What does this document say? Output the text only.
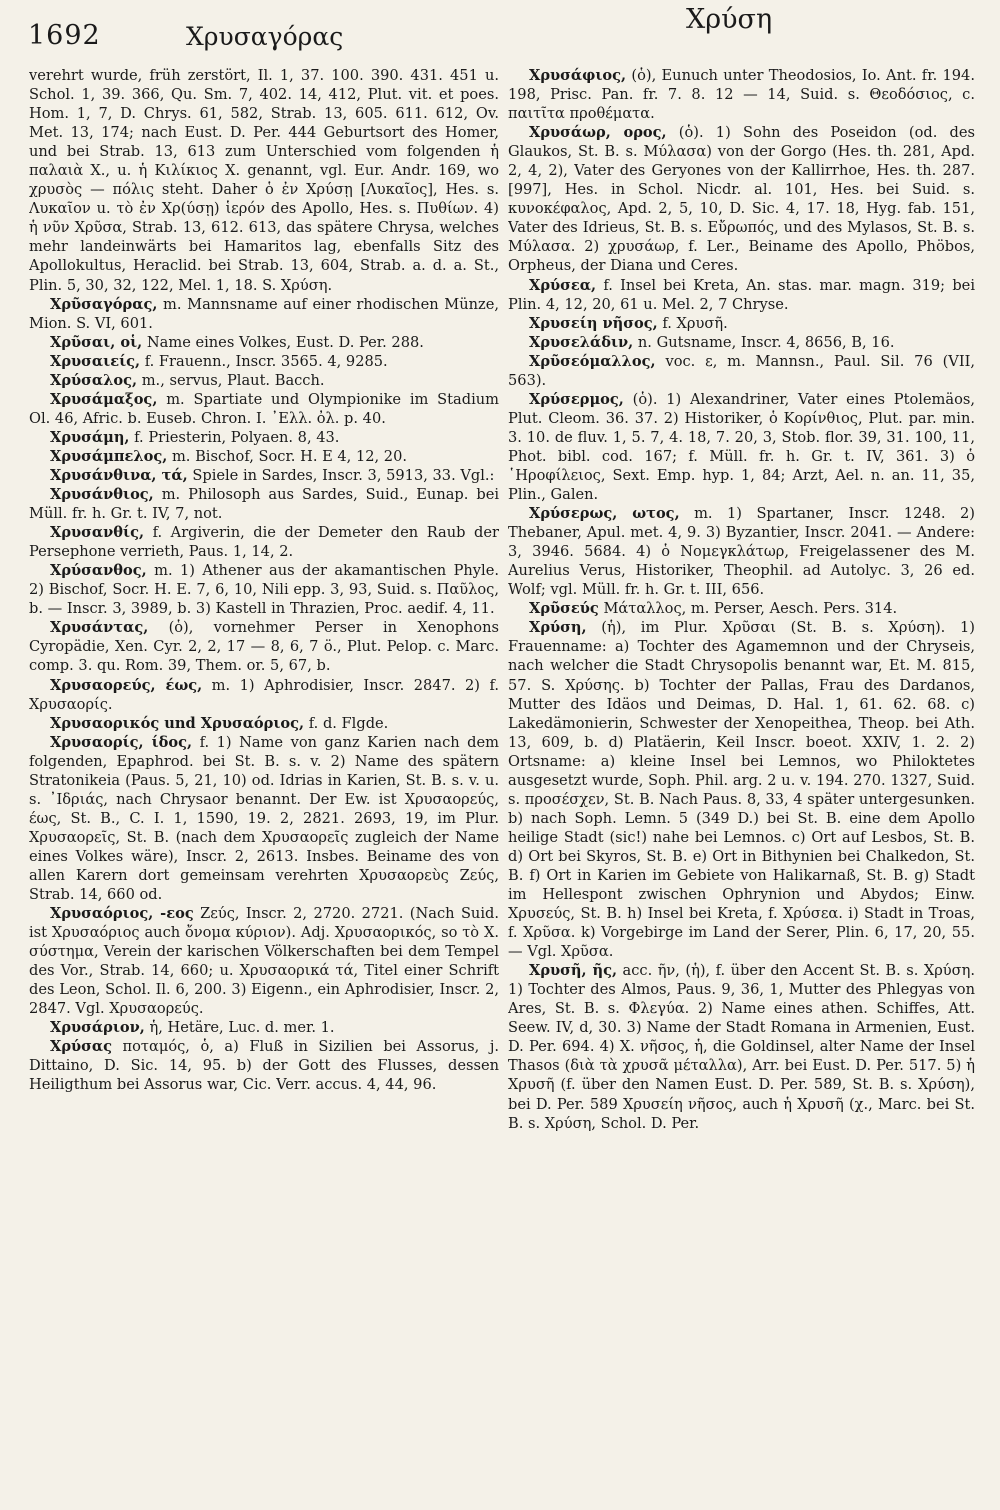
1692	Χρυσαγόρας
Χρύση

verehrt wurde, früh zerstört, Il. 1, 37. 100. 390. 431. 451 u. Schol. 1, 39. 366, Qu. Sm. 7, 402. 14, 412, Plut. vit. et poes. Hom. 1, 7, D. Chrys. 61, 582, Strab. 13, 605. 611. 612, Ov. Met. 13, 174; nach Eust. D. Per. 444 Geburtsort des Homer, und bei Strab. 13, 613 zum Unterschied vom folgenden ἡ παλαιὰ X., u. ἡ Κιλίκιος X. genannt, vgl. Eur. Andr. 169, wo χρυσὸς — πόλις steht. Daher ὁ ἐν Χρύσῃ [Λυκαῖος], Hes. s. Λυκαῖον u. τὸ ἐν Χρ(ύσῃ) ἱερόν des Apollo, Hes. s. Πυθίων. 4) ἡ νῦν Χρῦσα, Strab. 13, 612. 613, das spätere Chrysa, welches mehr landeinwärts bei Hamaritos lag, ebenfalls Sitz des Apollokultus, Heraclid. bei Strab. 13, 604, Strab. a. d. a. St., Plin. 5, 30, 32, 122, Mel. 1, 18. S. Χρύση.

Χρῦσαγόρας, m. Mannsname auf einer rhodischen Münze, Mion. S. VI, 601.

Χρῦσαι, οἱ, Name eines Volkes, Eust. D. Per. 288.

Χρυσαιείς, f. Frauenn., Inscr. 3565. 4, 9285.

Χρύσαλος, m., servus, Plaut. Bacch.

Χρυσάμαξος, m. Spartiate und Olympionike im Stadium Ol. 46, Afric. b. Euseb. Chron. I. ᾿Ελλ. ὀλ. p. 40.

Χρυσάμη, f. Priesterin, Polyaen. 8, 43.

Χρυσάμπελος, m. Bischof, Socr. H. E 4, 12, 20.

Χρυσάνθινα, τά, Spiele in Sardes, Inscr. 3, 5913, 33. Vgl.:

Χρυσάνθιος, m. Philosoph aus Sardes, Suid., Eunap. bei Müll. fr. h. Gr. t. IV, 7, not.

Χρυσανθίς, f. Argiverin, die der Demeter den Raub der Persephone verrieth, Paus. 1, 14, 2.

Χρύσανθος, m. 1) Athener aus der akamantischen Phyle. 2) Bischof, Socr. H. E. 7, 6, 10, Nili epp. 3, 93, Suid. s. Παῦλος, b. — Inscr. 3, 3989, b. 3) Kastell in Thrazien, Proc. aedif. 4, 11.

Χρυσάντας, (ὁ), vornehmer Perser in Xenophons Cyropädie, Xen. Cyr. 2, 2, 17 — 8, 6, 7 ö., Plut. Pelop. c. Marc. comp. 3. qu. Rom. 39, Them. or. 5, 67, b.

Χρυσαορεύς, έως, m. 1) Aphrodisier, Inscr. 2847. 2) f. Χρυσαορίς.

Χρυσαορικός und Χρυσαόριος, f. d. Flgde.

Χρυσαορίς, ίδος, f. 1) Name von ganz Karien nach dem folgenden, Epaphrod. bei St. B. s. v. 2) Name des spätern Stratonikeia (Paus. 5, 21, 10) od. Idrias in Karien, St. B. s. v. u. s. ᾿Ιδριάς, nach Chrysaor benannt. Der Ew. ist Χρυσαορεύς, έως, St. B., C. I. 1, 1590, 19. 2, 2821. 2693, 19, im Plur. Χρυσαορεῖς, St. B. (nach dem Χρυσαορεῖς zugleich der Name eines Volkes wäre), Inscr. 2, 2613. Insbes. Beiname des von allen Karern dort gemeinsam verehrten Χρυσαορεὺς Ζεύς, Strab. 14, 660 od.

Χρυσαόριος, -εος Ζεύς, Inscr. 2, 2720. 2721. (Nach Suid. ist Χρυσαόριος auch ὄνομα κύριον). Adj. Χρυσαορικός, so τὸ X. σύστημα, Verein der karischen Völkerschaften bei dem Tempel des Vor., Strab. 14, 660; u. Χρυσαορικά τά, Titel einer Schrift des Leon, Schol. Il. 6, 200. 3) Eigenn., ein Aphrodisier, Inscr. 2, 2847. Vgl. Χρυσαορεύς.

Χρυσάριον, ἡ, Hetäre, Luc. d. mer. 1.

Χρύσας ποταμός, ὁ, a) Fluß in Sizilien bei Assorus, j. Dittaino, D. Sic. 14, 95. b) der Gott des Flusses, dessen Heiligthum bei Assorus war, Cic. Verr. accus. 4, 44, 96.

Χρυσάφιος, (ὁ), Eunuch unter Theodosios, Io. Ant. fr. 194. 198, Prisc. Pan. fr. 7. 8. 12 — 14, Suid. s. Θεοδόσιος, c. παιτῖτα προθέματα.

Χρυσάωρ, ορος, (ὁ). 1) Sohn des Poseidon (od. des Glaukos, St. B. s. Μύλασα) von der Gorgo (Hes. th. 281, Apd. 2, 4, 2), Vater des Geryones von der Kallirrhoe, Hes. th. 287. [997], Hes. in Schol. Nicdr. al. 101, Hes. bei Suid. s. κυνοκέφαλος, Apd. 2, 5, 10, D. Sic. 4, 17. 18, Hyg. fab. 151, Vater des Idrieus, St. B. s. Εὔρωπός, und des Mylasos, St. B. s. Μύλασα. 2) χρυσάωρ, f. Ler., Beiname des Apollo, Phöbos, Orpheus, der Diana und Ceres.

Χρύσεα, f. Insel bei Kreta, An. stas. mar. magn. 319; bei Plin. 4, 12, 20, 61 u. Mel. 2, 7 Chryse.

Χρυσείη νῆσος, f. Χρυσῆ.

Χρυσελάδιν, n. Gutsname, Inscr. 4, 8656, B, 16.

Χρῦσεόμαλλος, voc. ε, m. Mannsn., Paul. Sil. 76 (VII, 563).

Χρύσερμος, (ὁ). 1) Alexandriner, Vater eines Ptolemäos, Plut. Cleom. 36. 37. 2) Historiker, ὁ Κορίνθιος, Plut. par. min. 3. 10. de fluv. 1, 5. 7, 4. 18, 7. 20, 3, Stob. flor. 39, 31. 100, 11, Phot. bibl. cod. 167; f. Müll. fr. h. Gr. t. IV, 361. 3) ὁ ῾Ηροφίλειος, Sext. Emp. hyp. 1, 84; Arzt, Ael. n. an. 11, 35, Plin., Galen.

Χρύσερως, ωτος, m. 1) Spartaner, Inscr. 1248. 2) Thebaner, Apul. met. 4, 9. 3) Byzantier, Inscr. 2041. — Andere: 3, 3946. 5684. 4) ὁ Νομεγκλάτωρ, Freigelassener des M. Aurelius Verus, Historiker, Theophil. ad Autolyc. 3, 26 ed. Wolf; vgl. Müll. fr. h. Gr. t. III, 656.

Χρῦσεύς Μάταλλος, m. Perser, Aesch. Pers. 314.

Χρύση, (ἡ), im Plur. Χρῦσαι (St. B. s. Χρύση). 1) Frauenname: a) Tochter des Agamemnon und der Chryseis, nach welcher die Stadt Chrysopolis benannt war, Et. M. 815, 57. S. Χρύσης. b) Tochter der Pallas, Frau des Dardanos, Mutter des Idäos und Deimas, D. Hal. 1, 61. 62. 68. c) Lakedämonierin, Schwester der Xenopeithea, Theop. bei Ath. 13, 609, b. d) Platäerin, Keil Inscr. boeot. XXIV, 1. 2. 2) Ortsname: a) kleine Insel bei Lemnos, wo Philoktetes ausgesetzt wurde, Soph. Phil. arg. 2 u. v. 194. 270. 1327, Suid. s. προσέσχεν, St. B. Nach Paus. 8, 33, 4 später untergesunken. b) nach Soph. Lemn. 5 (349 D.) bei St. B. eine dem Apollo heilige Stadt (sic!) nahe bei Lemnos. c) Ort auf Lesbos, St. B. d) Ort bei Skyros, St. B. e) Ort in Bithynien bei Chalkedon, St. B. f) Ort in Karien im Gebiete von Halikarnaß, St. B. g) Stadt im Hellespont zwischen Ophrynion und Abydos; Einw. Χρυσεύς, St. B. h) Insel bei Kreta, f. Χρύσεα. i) Stadt in Troas, f. Χρῦσα. k) Vorgebirge im Land der Serer, Plin. 6, 17, 20, 55. — Vgl. Χρῦσα.

Χρυσῆ, ῆς, acc. ῆν, (ἡ), f. über den Accent St. B. s. Χρύση. 1) Tochter des Almos, Paus. 9, 36, 1, Mutter des Phlegyas von Ares, St. B. s. Φλεγύα. 2) Name eines athen. Schiffes, Att. Seew. IV, d, 30. 3) Name der Stadt Romana in Armenien, Eust. D. Per. 694. 4) X. νῆσος, ἡ, die Goldinsel, alter Name der Insel Thasos (διὰ τὰ χρυσᾶ μέταλλα), Arr. bei Eust. D. Per. 517. 5) ἡ Χρυσῆ (f. über den Namen Eust. D. Per. 589, St. B. s. Χρύση), bei D. Per. 589 Χρυσείη νῆσος, auch ἡ Χρυσῆ (χ., Marc. bei St. B. s. Χρύση, Schol. D. Per.
